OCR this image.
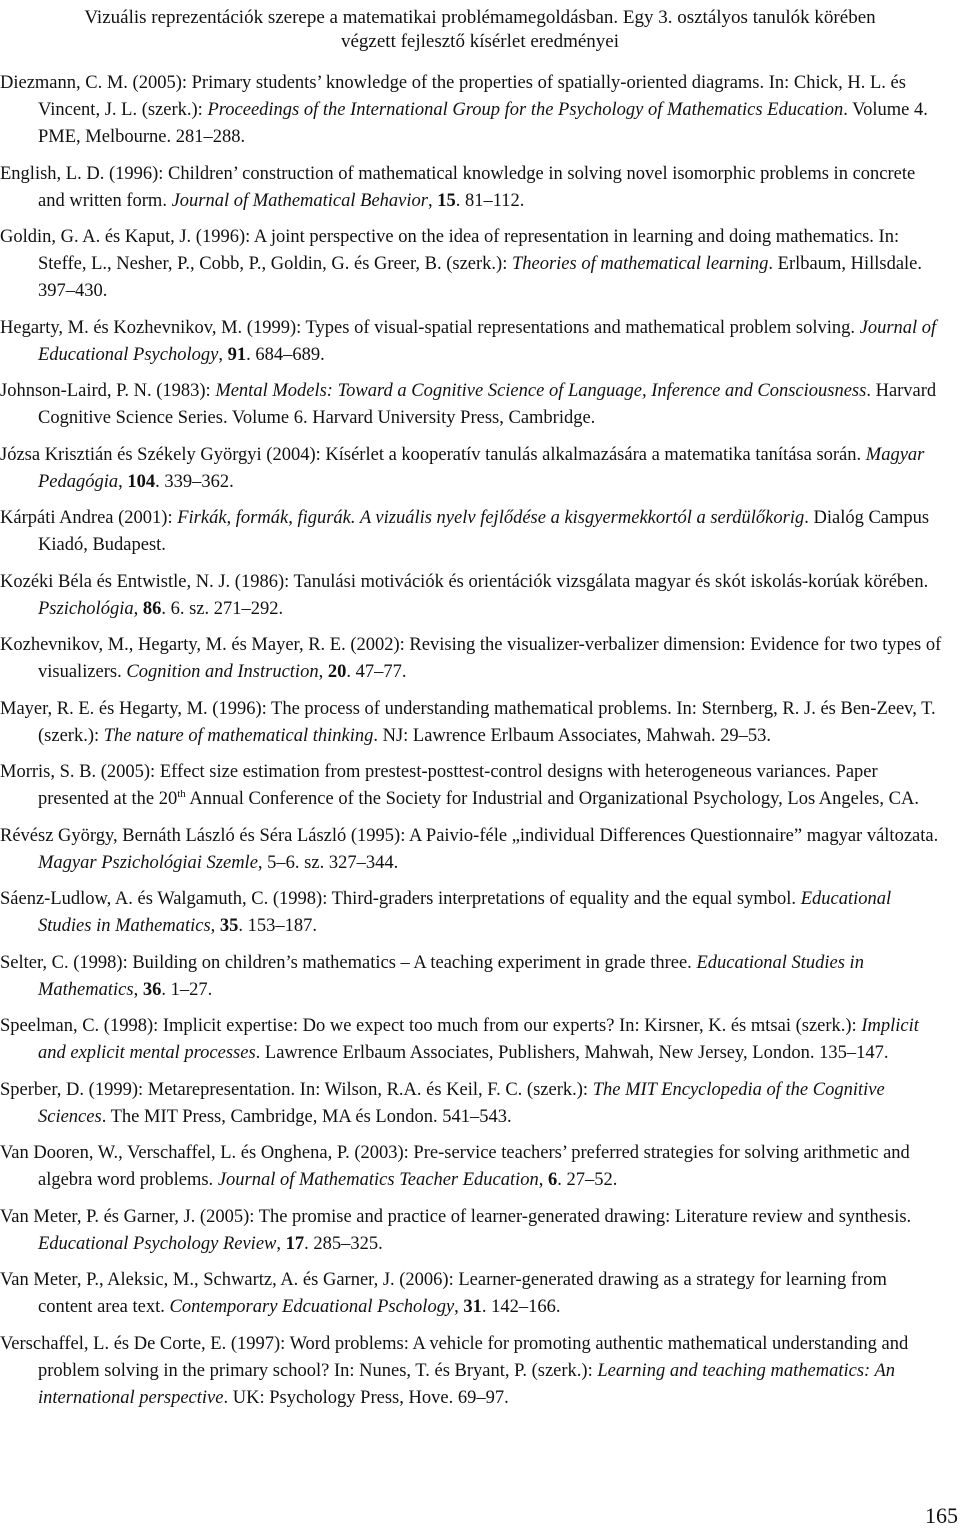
Vizuális reprezentációk szerepe a matematikai problémamegoldásban. Egy 3. osztályos tanulók körében
végzett fejlesztő kísérlet eredményei
Diezmann, C. M. (2005): Primary students’ knowledge of the properties of spatially-oriented diagrams. In: Chick, H. L. és Vincent, J. L. (szerk.): Proceedings of the International Group for the Psychology of Mathematics Education. Volume 4. PME, Melbourne. 281–288.
English, L. D. (1996): Children’ construction of mathematical knowledge in solving novel isomorphic problems in concrete and written form. Journal of Mathematical Behavior, 15. 81–112.
Goldin, G. A. és Kaput, J. (1996): A joint perspective on the idea of representation in learning and doing mathematics. In: Steffe, L., Nesher, P., Cobb, P., Goldin, G. és Greer, B. (szerk.): Theories of mathematical learning. Erlbaum, Hillsdale. 397–430.
Hegarty, M. és Kozhevnikov, M. (1999): Types of visual-spatial representations and mathematical problem solving. Journal of Educational Psychology, 91. 684–689.
Johnson-Laird, P. N. (1983): Mental Models: Toward a Cognitive Science of Language, Inference and Consciousness. Harvard Cognitive Science Series. Volume 6. Harvard University Press, Cambridge.
Józsa Krisztián és Székely Györgyi (2004): Kísérlet a kooperatív tanulás alkalmazására a matematika tanítása során. Magyar Pedagógia, 104. 339–362.
Kárpáti Andrea (2001): Firkák, formák, figurák. A vizuális nyelv fejlődése a kisgyermekkortól a serdülőkorig. Dialóg Campus Kiadó, Budapest.
Kozéki Béla és Entwistle, N. J. (1986): Tanulási motivációk és orientációk vizsgálata magyar és skót iskolás-korúak körében. Pszichológia, 86. 6. sz. 271–292.
Kozhevnikov, M., Hegarty, M. és Mayer, R. E. (2002): Revising the visualizer-verbalizer dimension: Evidence for two types of visualizers. Cognition and Instruction, 20. 47–77.
Mayer, R. E. és Hegarty, M. (1996): The process of understanding mathematical problems. In: Sternberg, R. J. és Ben-Zeev, T. (szerk.): The nature of mathematical thinking. NJ: Lawrence Erlbaum Associates, Mahwah. 29–53.
Morris, S. B. (2005): Effect size estimation from prestest-posttest-control designs with heterogeneous variances. Paper presented at the 20th Annual Conference of the Society for Industrial and Organizational Psychology, Los Angeles, CA.
Révész György, Bernáth László és Séra László (1995): A Paivio-féle „individual Differences Questionnaire” magyar változata. Magyar Pszichológiai Szemle, 5–6. sz. 327–344.
Sáenz-Ludlow, A. és Walgamuth, C. (1998): Third-graders interpretations of equality and the equal symbol. Educational Studies in Mathematics, 35. 153–187.
Selter, C. (1998): Building on children’s mathematics – A teaching experiment in grade three. Educational Studies in Mathematics, 36. 1–27.
Speelman, C. (1998): Implicit expertise: Do we expect too much from our experts? In: Kirsner, K. és mtsai (szerk.): Implicit and explicit mental processes. Lawrence Erlbaum Associates, Publishers, Mahwah, New Jersey, London. 135–147.
Sperber, D. (1999): Metarepresentation. In: Wilson, R.A. és Keil, F. C. (szerk.): The MIT Encyclopedia of the Cognitive Sciences. The MIT Press, Cambridge, MA és London. 541–543.
Van Dooren, W., Verschaffel, L. és Onghena, P. (2003): Pre-service teachers’ preferred strategies for solving arithmetic and algebra word problems. Journal of Mathematics Teacher Education, 6. 27–52.
Van Meter, P. és Garner, J. (2005): The promise and practice of learner-generated drawing: Literature review and synthesis. Educational Psychology Review, 17. 285–325.
Van Meter, P., Aleksic, M., Schwartz, A. és Garner, J. (2006): Learner-generated drawing as a strategy for learning from content area text. Contemporary Edcuational Pschology, 31. 142–166.
Verschaffel, L. és De Corte, E. (1997): Word problems: A vehicle for promoting authentic mathematical understanding and problem solving in the primary school? In: Nunes, T. és Bryant, P. (szerk.): Learning and teaching mathematics: An international perspective. UK: Psychology Press, Hove. 69–97.
165
